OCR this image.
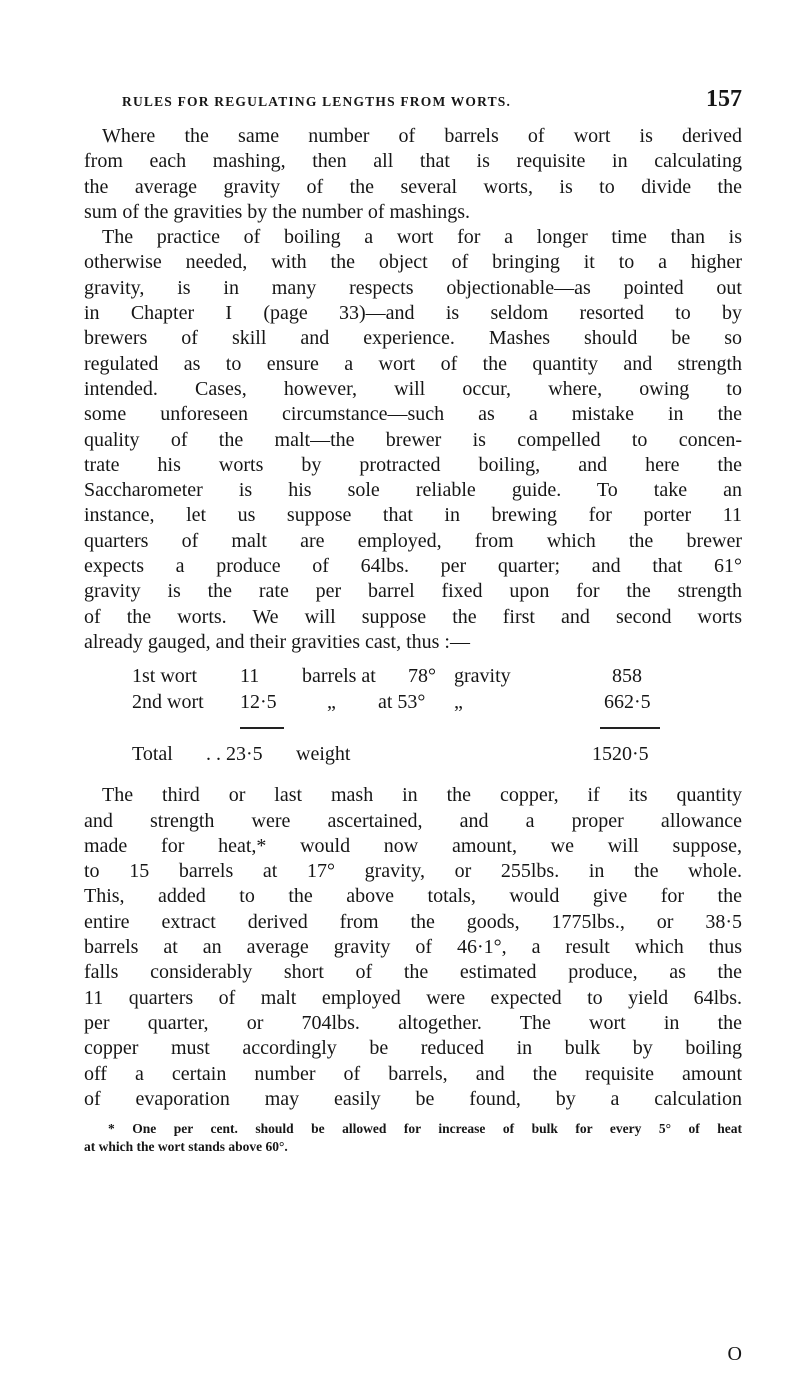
RULES FOR REGULATING LENGTHS FROM WORTS.	157
Where the same number of barrels of wort is derived
from each mashing, then all that is requisite in calculating
the average gravity of the several worts, is to divide the
sum of the gravities by the number of mashings.
The practice of boiling a wort for a longer time than is
otherwise needed, with the object of bringing it to a higher
gravity, is in many respects objectionable—as pointed out
in Chapter I (page 33)—and is seldom resorted to by
brewers of skill and experience. Mashes should be so
regulated as to ensure a wort of the quantity and strength
intended. Cases, however, will occur, where, owing to
some unforeseen circumstance—such as a mistake in the
quality of the malt—the brewer is compelled to concen-
trate his worts by protracted boiling, and here the
Saccharometer is his sole reliable guide. To take an
instance, let us suppose that in brewing for porter 11
quarters of malt are employed, from which the brewer
expects a produce of 64lbs. per quarter; and that 61°
gravity is the rate per barrel fixed upon for the strength
of the worts. We will suppose the first and second worts
already gauged, and their gravities cast, thus :—
1st wort 11 barrels at 78° gravity	858
2nd wort 12·5	„ at 53° „	662·5
Total . . 23·5 weight	1520·5
The third or last mash in the copper, if its quantity
and strength were ascertained, and a proper allowance
made for heat,* would now amount, we will suppose,
to 15 barrels at 17° gravity, or 255lbs. in the whole.
This, added to the above totals, would give for the
entire extract derived from the goods, 1775lbs., or 38·5
barrels at an average gravity of 46·1°, a result which thus
falls considerably short of the estimated produce, as the
11 quarters of malt employed were expected to yield 64lbs.
per quarter, or 704lbs. altogether. The wort in the
copper must accordingly be reduced in bulk by boiling
off a certain number of barrels, and the requisite amount
of evaporation may easily be found, by a calculation
* One per cent. should be allowed for increase of bulk for every 5° of heat
at which the wort stands above 60°.
O
